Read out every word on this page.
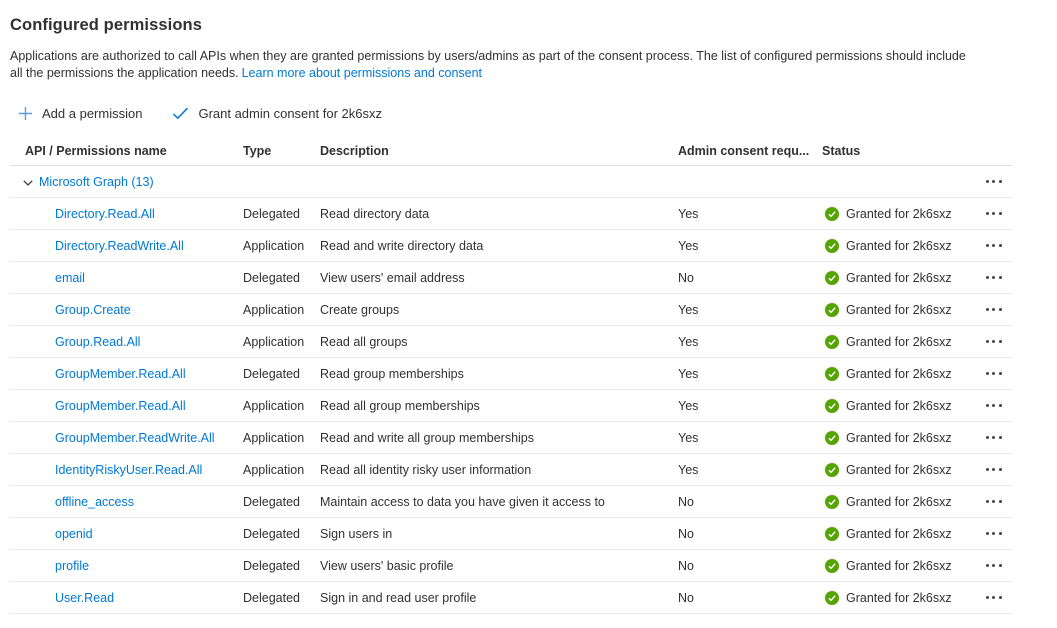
Configured permissions

Applications are authorized to call APIs when they are granted permissions by users/admins as part of the consent process. The list of configured permissions should include
all the permissions the application needs. Learn more about permissions and consent

Add a permission	Grant admin consent for 2k6sxz
API / Permissions name	Type	Description	Admin consent requ...	Status
Microsoft Graph (13)
Directory.Read.All	Delegated	Read directory data	Yes	Granted for 2k6sxz
Directory.ReadWrite.All	Application	Read and write directory data	Yes	Granted for 2k6sxz
email	Delegated	View users' email address	No	Granted for 2k6sxz
Group.Create	Application	Create groups	Yes	Granted for 2k6sxz
Group.Read.All	Application	Read all groups	Yes	Granted for 2k6sxz
GroupMember.Read.All	Delegated	Read group memberships	Yes	Granted for 2k6sxz
GroupMember.Read.All	Application	Read all group memberships	Yes	Granted for 2k6sxz
GroupMember.ReadWrite.All	Application	Read and write all group memberships	Yes	Granted for 2k6sxz
IdentityRiskyUser.Read.All	Application	Read all identity risky user information	Yes	Granted for 2k6sxz
offline_access	Delegated	Maintain access to data you have given it access to	No	Granted for 2k6sxz
openid	Delegated	Sign users in	No	Granted for 2k6sxz
profile	Delegated	View users' basic profile	No	Granted for 2k6sxz
User.Read	Delegated	Sign in and read user profile	No	Granted for 2k6sxz
